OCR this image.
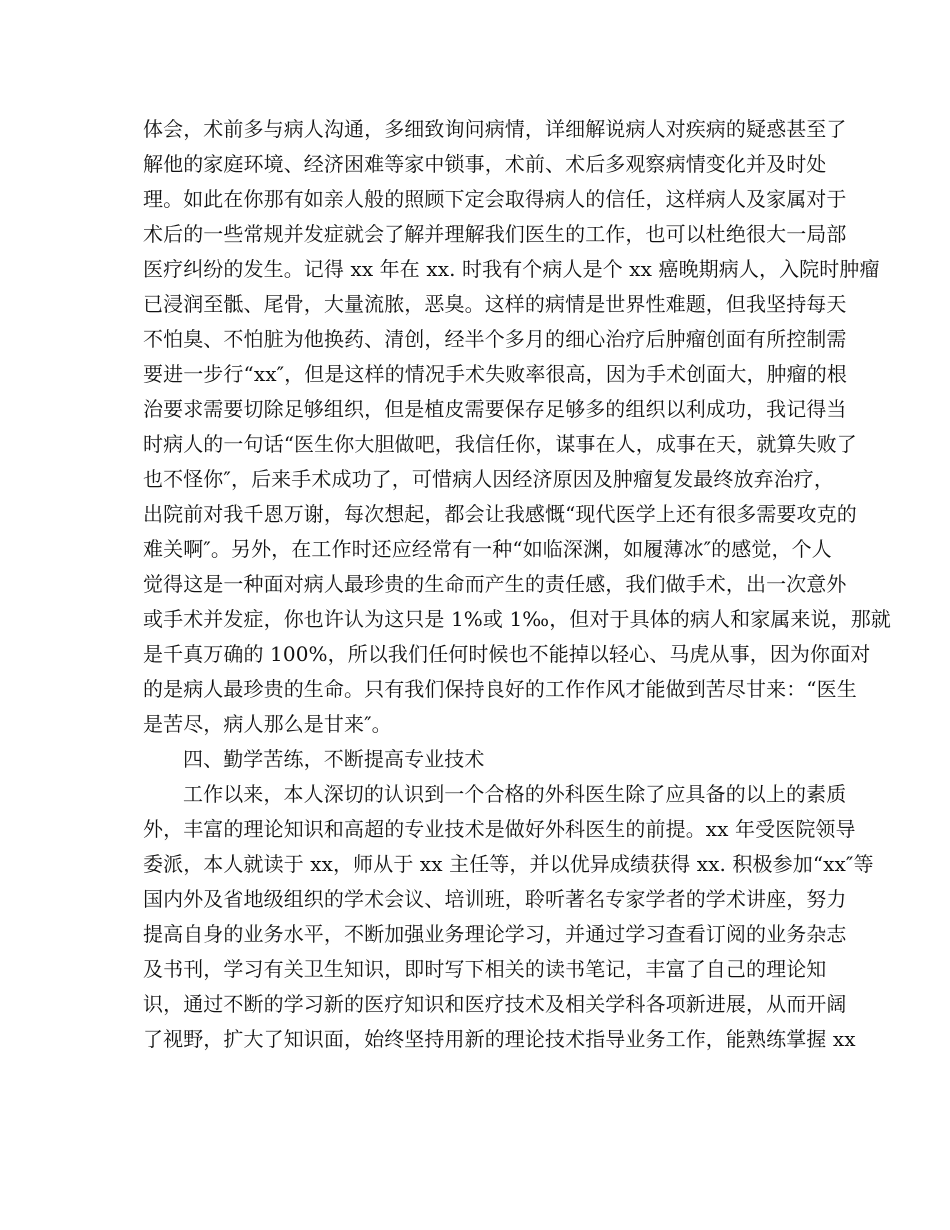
体会，术前多与病人沟通，多细致询问病情，详细解说病人对疾病的疑惑甚至了
解他的家庭环境、经济困难等家中锁事，术前、术后多观察病情变化并及时处
理。如此在你那有如亲人般的照顾下定会取得病人的信任，这样病人及家属对于
术后的一些常规并发症就会了解并理解我们医生的工作，也可以杜绝很大一局部
医疗纠纷的发生。记得 xx 年在 xx. 时我有个病人是个 xx 癌晚期病人，入院时肿瘤
已浸润至骶、尾骨，大量流脓，恶臭。这样的病情是世界性难题，但我坚持每天
不怕臭、不怕脏为他换药、清创，经半个多月的细心治疗后肿瘤创面有所控制需
要进一步行“xx″，但是这样的情况手术失败率很高，因为手术创面大，肿瘤的根
治要求需要切除足够组织，但是植皮需要保存足够多的组织以利成功，我记得当
时病人的一句话“医生你大胆做吧，我信任你，谋事在人，成事在天，就算失败了
也不怪你″，后来手术成功了，可惜病人因经济原因及肿瘤复发最终放弃治疗，
出院前对我千恩万谢，每次想起，都会让我感慨“现代医学上还有很多需要攻克的
难关啊″。另外，在工作时还应经常有一种“如临深渊，如履薄冰″的感觉，个人
觉得这是一种面对病人最珍贵的生命而产生的责任感，我们做手术，出一次意外
或手术并发症，你也许认为这只是 1%或 1‰，但对于具体的病人和家属来说，那就
是千真万确的 100%，所以我们任何时候也不能掉以轻心、马虎从事，因为你面对
的是病人最珍贵的生命。只有我们保持良好的工作作风才能做到苦尽甘来：“医生
是苦尽，病人那么是甘来″。
四、勤学苦练，不断提高专业技术
工作以来，本人深切的认识到一个合格的外科医生除了应具备的以上的素质
外，丰富的理论知识和高超的专业技术是做好外科医生的前提。xx 年受医院领导
委派，本人就读于 xx，师从于 xx 主任等，并以优异成绩获得 xx. 积极参加“xx″等
国内外及省地级组织的学术会议、培训班，聆听著名专家学者的学术讲座，努力
提高自身的业务水平，不断加强业务理论学习，并通过学习查看订阅的业务杂志
及书刊，学习有关卫生知识，即时写下相关的读书笔记，丰富了自己的理论知
识，通过不断的学习新的医疗知识和医疗技术及相关学科各项新进展，从而开阔
了视野，扩大了知识面，始终坚持用新的理论技术指导业务工作，能熟练掌握 xx
